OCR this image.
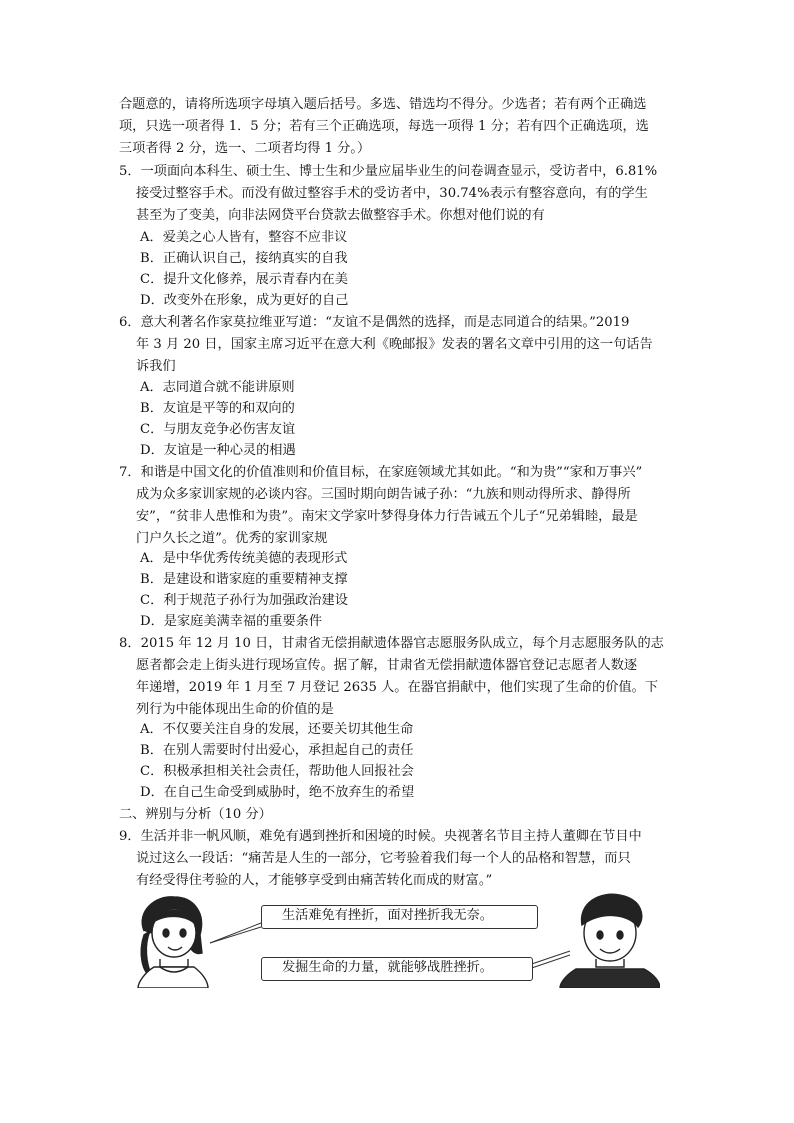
合题意的，请将所选项字母填入题后括号。多选、错选均不得分。少选者；若有两个正确选
项，只选一项者得 1．5 分；若有三个正确选项，每选一项得 1 分；若有四个正确选项，选
三项者得 2 分，选一、二项者均得 1 分。）
5．一项面向本科生、硕士生、博士生和少量应届毕业生的问卷调查显示，受访者中，6.81%
接受过整容手术。而没有做过整容手术的受访者中，30.74%表示有整容意向，有的学生
甚至为了变美，向非法网贷平台贷款去做整容手术。你想对他们说的有
A．爱美之心人皆有，整容不应非议
B．正确认识自己，接纳真实的自我
C．提升文化修养，展示青春内在美
D．改变外在形象，成为更好的自己
6．意大利著名作家莫拉维亚写道：“友谊不是偶然的选择，而是志同道合的结果。”2019
年 3 月 20 日，国家主席习近平在意大利《晚邮报》发表的署名文章中引用的这一句话告
诉我们
A．志同道合就不能讲原则
B．友谊是平等的和双向的
C．与朋友竞争必伤害友谊
D．友谊是一种心灵的相遇
7．和谐是中国文化的价值准则和价值目标，在家庭领域尤其如此。“和为贵”“家和万事兴”
成为众多家训家规的必谈内容。三国时期向朗告诫子孙：“九族和则动得所求、静得所
安”，“贫非人患惟和为贵”。南宋文学家叶梦得身体力行告诫五个儿子“兄弟辑睦，最是
门户久长之道”。优秀的家训家规
A．是中华优秀传统美德的表现形式
B．是建设和谐家庭的重要精神支撑
C．利于规范子孙行为加强政治建设
D．是家庭美满幸福的重要条件
8．2015 年 12 月 10 日，甘肃省无偿捐献遗体器官志愿服务队成立，每个月志愿服务队的志
愿者都会走上街头进行现场宣传。据了解，甘肃省无偿捐献遗体器官登记志愿者人数逐
年递增，2019 年 1 月至 7 月登记 2635 人。在器官捐献中，他们实现了生命的价值。下
列行为中能体现出生命的价值的是
A．不仅要关注自身的发展，还要关切其他生命
B．在别人需要时付出爱心，承担起自己的责任
C．积极承担相关社会责任，帮助他人回报社会
D．在自己生命受到威胁时，绝不放弃生的希望
二、辨别与分析（10 分）
9．生活并非一帆风顺，难免有遇到挫折和困境的时候。央视著名节目主持人董卿在节目中
说过这么一段话：“痛苦是人生的一部分，它考验着我们每一个人的品格和智慧，而只
有经受得住考验的人，才能够享受到由痛苦转化而成的财富。”
生活难免有挫折，面对挫折我无奈。
发掘生命的力量，就能够战胜挫折。
